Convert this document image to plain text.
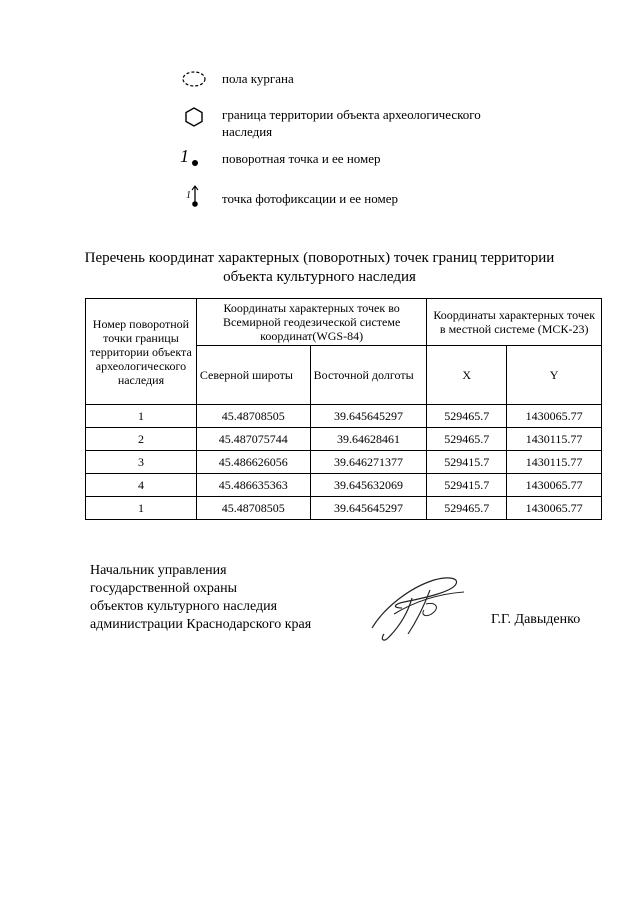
пола кургана
граница территории объекта археологического наследия
1	поворотная точка и ее номер
1 точка фотофиксации и ее номер
Перечень координат характерных (поворотных) точек границ территории
объекта культурного наследия
Номер поворотной точки границы территории объекта археологического наследия	Координаты характерных точек во Всемирной геодезической системе координат(WGS-84)		Координаты характерных точек в местной системе (МСК-23)	
	Северной широты	Восточной долготы	X	Y
1	45.48708505	39.645645297	529465.7	1430065.77
2	45.487075744	39.64628461	529465.7	1430115.77
3	45.486626056	39.646271377	529415.7	1430115.77
4	45.486635363	39.645632069	529415.7	1430065.77
1	45.48708505	39.645645297	529465.7	1430065.77
Начальник управления
государственной охраны
объектов культурного наследия
администрации Краснодарского края	Г.Г. Давыденко
